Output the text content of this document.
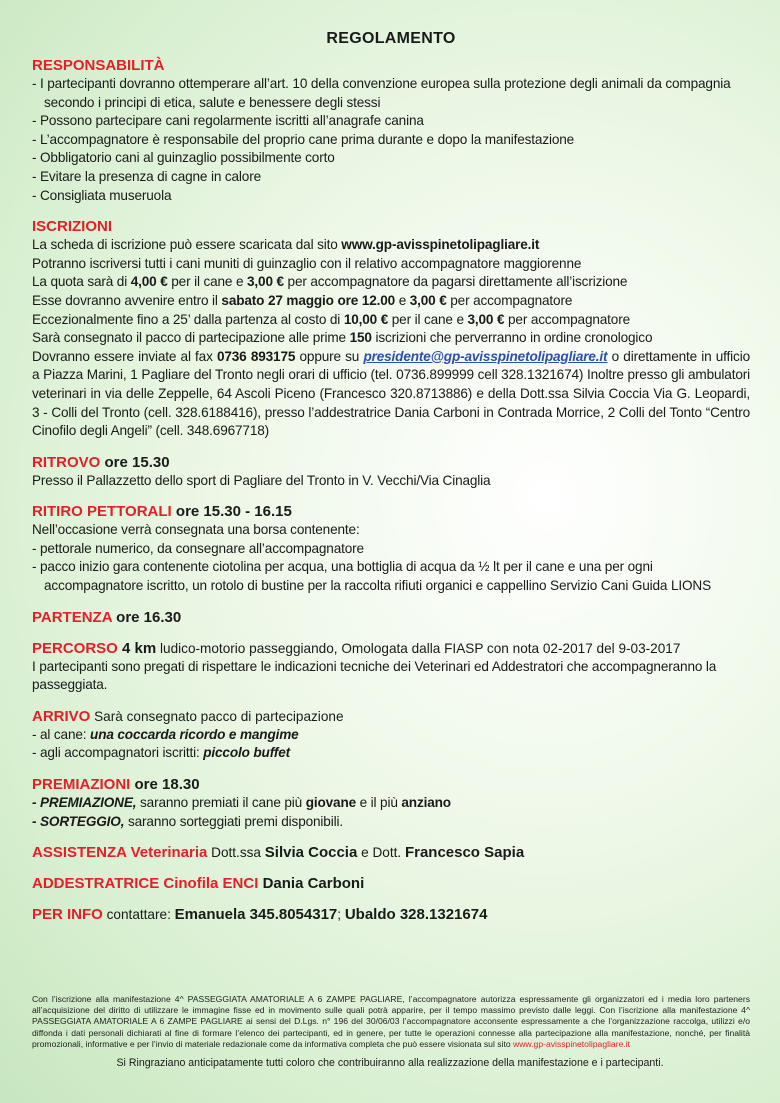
REGOLAMENTO
RESPONSABILITÀ
- I partecipanti dovranno ottemperare all’art. 10 della convenzione europea sulla protezione degli animali da compagnia secondo i principi di etica, salute e benessere degli stessi
- Possono partecipare cani regolarmente iscritti all’anagrafe canina
- L’accompagnatore è responsabile del proprio cane prima durante e dopo la manifestazione
- Obbligatorio cani al guinzaglio possibilmente corto
- Evitare la presenza di cagne in calore
- Consigliata museruola
ISCRIZIONI
La scheda di iscrizione può essere scaricata dal sito www.gp-avisspinetolipagliare.it
Potranno iscriversi tutti i cani muniti di guinzaglio con il relativo accompagnatore maggiorenne
La quota sarà di 4,00 € per il cane e 3,00 € per accompagnatore da pagarsi direttamente all’iscrizione
Esse dovranno avvenire entro il sabato 27 maggio ore 12.00 e 3,00 € per accompagnatore
Eccezionalmente fino a 25’ dalla partenza al costo di 10,00 € per il cane e 3,00 € per accompagnatore
Sarà consegnato il pacco di partecipazione alle prime 150 iscrizioni che perverranno in ordine cronologico
Dovranno essere inviate al fax 0736 893175 oppure su presidente@gp-avisspinetolipagliare.it o direttamente in ufficio a Piazza Marini, 1 Pagliare del Tronto negli orari di ufficio (tel. 0736.899999 cell 328.1321674) Inoltre presso gli ambulatori veterinari in via delle Zeppelle, 64 Ascoli Piceno (Francesco 320.8713886) e della Dott.ssa Silvia Coccia Via G. Leopardi, 3 - Colli del Tronto (cell. 328.6188416), presso l’addestratrice Dania Carboni in Contrada Morrice, 2 Colli del Tonto “Centro Cinofilo degli Angeli” (cell. 348.6967718)
RITROVO ore 15.30
Presso il Pallazzetto dello sport di Pagliare del Tronto in V. Vecchi/Via Cinaglia
RITIRO PETTORALI ore 15.30 - 16.15
Nell’occasione verrà consegnata una borsa contenente:
- pettorale numerico, da consegnare all’accompagnatore
- pacco inizio gara contenente ciotolina per acqua, una bottiglia di acqua da ½ lt per il cane e una per ogni accompagnatore iscritto, un rotolo di bustine per la raccolta rifiuti organici e cappellino Servizio Cani Guida LIONS
PARTENZA ore 16.30
PERCORSO 4 km ludico-motorio passeggiando, Omologata dalla FIASP con nota 02-2017 del 9-03-2017
I partecipanti sono pregati di rispettare le indicazioni tecniche dei Veterinari ed Addestratori che accompagneranno la passeggiata.
ARRIVO Sarà consegnato pacco di partecipazione
- al cane: una coccarda ricordo e mangime
- agli accompagnatori iscritti: piccolo buffet
PREMIAZIONI ore 18.30
- PREMIAZIONE, saranno premiati il cane più giovane e il più anziano
- SORTEGGIO, saranno sorteggiati premi disponibili.
ASSISTENZA Veterinaria Dott.ssa Silvia Coccia e Dott. Francesco Sapia
ADDESTRATRICE Cinofila ENCI Dania Carboni
PER INFO contattare: Emanuela 345.8054317; Ubaldo 328.1321674
Con l’iscrizione alla manifestazione 4^ PASSEGGIATA AMATORIALE A 6 ZAMPE PAGLIARE, l’accompagnatore autorizza espressamente gli organizzatori ed i media loro parteners all’acquisizione del diritto di utilizzare le immagine fisse ed in movimento sulle quali potrà apparire, per il tempo massimo previsto dalle leggi. Con l’iscrizione alla manifestazione 4^ PASSEGGIATA AMATORIALE A 6 ZAMPE PAGLIARE ai sensi del D.Lgs. n° 196 del 30/06/03 l’accompagnatore acconsente espressamente a che l’organizzazione raccolga, utilizzi e/o diffonda i dati personali dichiarati al fine di formare l’elenco dei partecipanti, ed in genere, per tutte le operazioni connesse alla partecipazione alla manifestazione, nonché, per finalità promozionali, informative e per l’invio di materiale redazionale come da informativa completa che può essere visionata sul sito www.gp-avisspinetolipagliare.it
Si Ringraziano anticipatamente tutti coloro che contribuiranno alla realizzazione della manifestazione e i partecipanti.
